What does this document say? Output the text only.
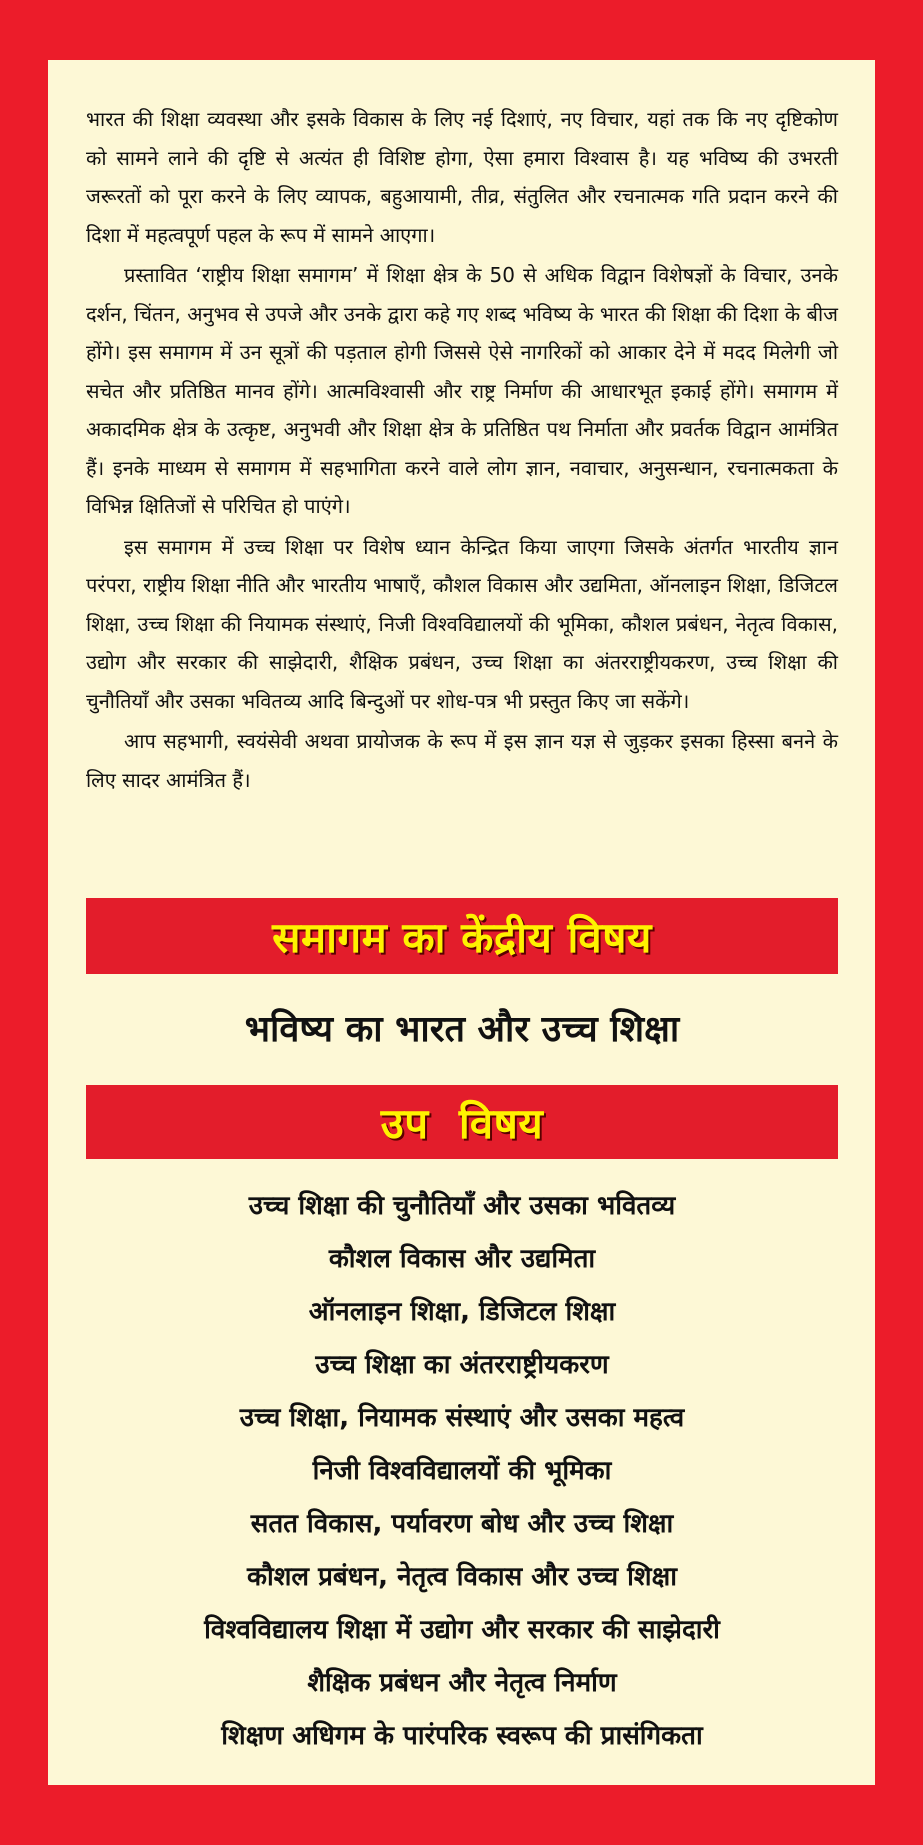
भारत की शिक्षा व्यवस्था और इसके विकास के लिए नई दिशाएं, नए विचार, यहां तक कि नए दृष्टिकोण को सामने लाने की दृष्टि से अत्यंत ही विशिष्ट होगा, ऐसा हमारा विश्वास है। यह भविष्य की उभरती जरूरतों को पूरा करने के लिए व्यापक, बहुआयामी, तीव्र, संतुलित और रचनात्मक गति प्रदान करने की दिशा में महत्वपूर्ण पहल के रूप में सामने आएगा।

प्रस्तावित ‘राष्ट्रीय शिक्षा समागम’ में शिक्षा क्षेत्र के 50 से अधिक विद्वान विशेषज्ञों के विचार, उनके दर्शन, चिंतन, अनुभव से उपजे और उनके द्वारा कहे गए शब्द भविष्य के भारत की शिक्षा की दिशा के बीज होंगे। इस समागम में उन सूत्रों की पड़ताल होगी जिससे ऐसे नागरिकों को आकार देने में मदद मिलेगी जो सचेत और प्रतिष्ठित मानव होंगे। आत्मविश्वासी और राष्ट्र निर्माण की आधारभूत इकाई होंगे। समागम में अकादमिक क्षेत्र के उत्कृष्ट, अनुभवी और शिक्षा क्षेत्र के प्रतिष्ठित पथ निर्माता और प्रवर्तक विद्वान आमंत्रित हैं। इनके माध्यम से समागम में सहभागिता करने वाले लोग ज्ञान, नवाचार, अनुसन्धान, रचनात्मकता के विभिन्न क्षितिजों से परिचित हो पाएंगे।

इस समागम में उच्च शिक्षा पर विशेष ध्यान केन्द्रित किया जाएगा जिसके अंतर्गत भारतीय ज्ञान परंपरा, राष्ट्रीय शिक्षा नीति और भारतीय भाषाएँ, कौशल विकास और उद्यमिता, ऑनलाइन शिक्षा, डिजिटल शिक्षा, उच्च शिक्षा की नियामक संस्थाएं, निजी विश्वविद्यालयों की भूमिका, कौशल प्रबंधन, नेतृत्व विकास, उद्योग और सरकार की साझेदारी, शैक्षिक प्रबंधन, उच्च शिक्षा का अंतरराष्ट्रीयकरण, उच्च शिक्षा की चुनौतियाँ और उसका भवितव्य आदि बिन्दुओं पर शोध-पत्र भी प्रस्तुत किए जा सकेंगे।

आप सहभागी, स्वयंसेवी अथवा प्रायोजक के रूप में इस ज्ञान यज्ञ से जुड़कर इसका हिस्सा बनने के लिए सादर आमंत्रित हैं।

समागम का केंद्रीय विषय
भविष्य का भारत और उच्च शिक्षा
उप  विषय
उच्च शिक्षा की चुनौतियाँ और उसका भवितव्य
कौशल विकास और उद्यमिता
ऑनलाइन शिक्षा, डिजिटल शिक्षा
उच्च शिक्षा का अंतरराष्ट्रीयकरण
उच्च शिक्षा, नियामक संस्थाएं और उसका महत्व
निजी विश्वविद्यालयों की भूमिका
सतत विकास, पर्यावरण बोध और उच्च शिक्षा
कौशल प्रबंधन, नेतृत्व विकास और उच्च शिक्षा
विश्वविद्यालय शिक्षा में उद्योग और सरकार की साझेदारी
शैक्षिक प्रबंधन और नेतृत्व निर्माण
शिक्षण अधिगम के पारंपरिक स्वरूप की प्रासंगिकता
